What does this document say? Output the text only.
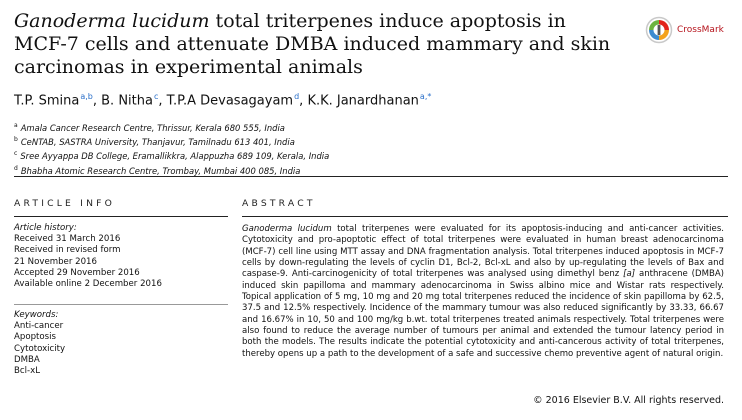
Ganoderma lucidum total triterpenes induce apoptosis in MCF-7 cells and attenuate DMBA induced mammary and skin carcinomas in experimental animals
CrossMark
T.P. Smina$^{a,b}$, B. Nitha$^c$, T.P.A Devasagayam$^d$, K.K. Janardhanan$^{a,*}$
$^a$ Amala Cancer Research Centre, Thrissur, Kerala 680 555, India
$^b$ CeNTAB, SASTRA University, Thanjavur, Tamilnadu 613 401, India
$^c$ Sree Ayyappa DB College, Eramallikkra, Alappuzha 689 109, Kerala, India
$^d$ Bhabha Atomic Research Centre, Trombay, Mumbai 400 085, India
ARTICLE INFO	ABSTRACT
Article history:
Received 31 March 2016
Received in revised form
21 November 2016
Accepted 29 November 2016
Available online 2 December 2016
Keywords:
Anti-cancer
Apoptosis
Cytotoxicity
DMBA
Bcl-xL

Ganoderma lucidum total triterpenes were evaluated for its apoptosis-inducing and anti-cancer activities. Cytotoxicity and pro-apoptotic effect of total triterpenes were evaluated in human breast adenocarcinoma (MCF-7) cell line using MTT assay and DNA fragmentation analysis. Total triterpenes induced apoptosis in MCF-7 cells by down-regulating the levels of cyclin D1, Bcl-2, Bcl-xL and also by up-regulating the levels of Bax and caspase-9. Anti-carcinogenicity of total triterpenes was analysed using dimethyl benz [a] anthracene (DMBA) induced skin papilloma and mammary adenocarcinoma in Swiss albino mice and Wistar rats respectively. Topical application of 5 mg, 10 mg and 20 mg total triterpenes reduced the incidence of skin papilloma by 62.5, 37.5 and 12.5% respectively. Incidence of the mammary tumour was also reduced significantly by 33.33, 66.67 and 16.67% in 10, 50 and 100 mg/kg b.wt. total triterpenes treated animals respectively. Total triterpenes were also found to reduce the average number of tumours per animal and extended the tumour latency period in both the models. The results indicate the potential cytotoxicity and anti-cancerous activity of total triterpenes, thereby opens up a path to the development of a safe and successive chemo preventive agent of natural origin.

© 2016 Elsevier B.V. All rights reserved.
